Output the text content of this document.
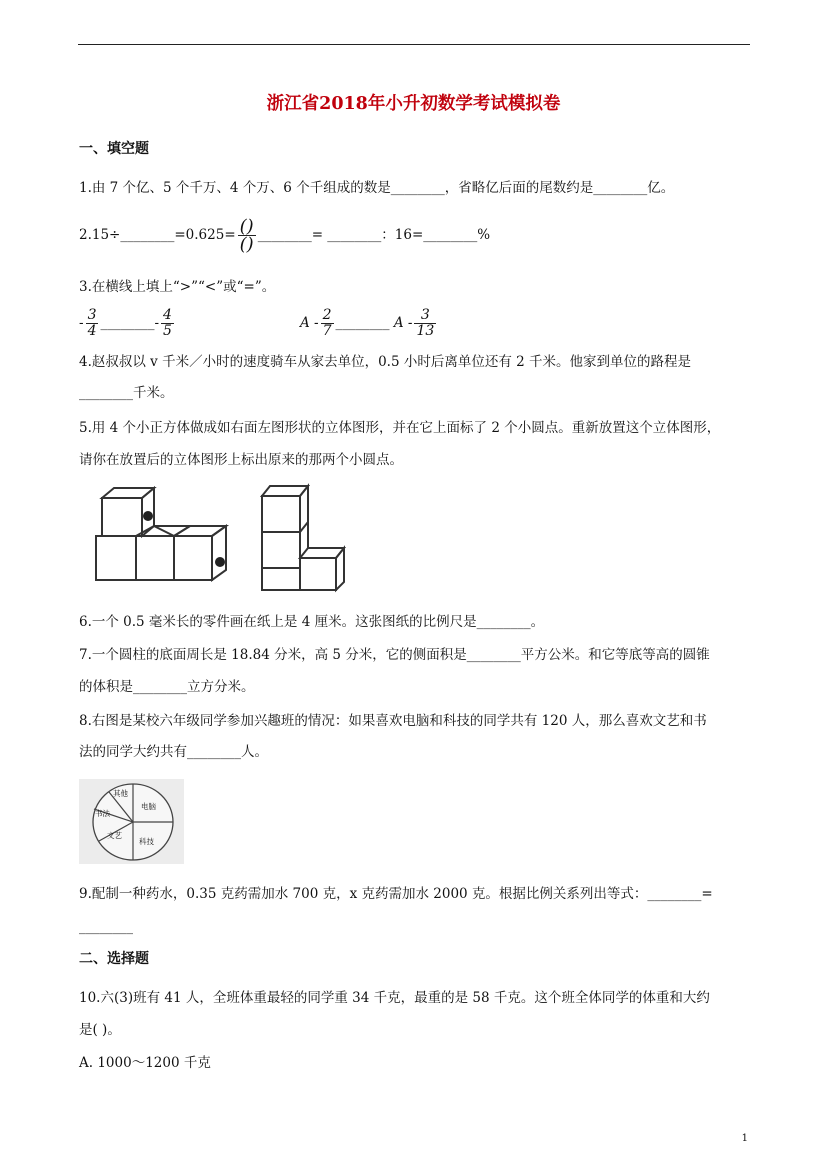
浙江省2018年小升初数学考试模拟卷
一、填空题
1.由 7 个亿、5 个千万、4 个万、6 个千组成的数是________，省略亿后面的尾数约是________亿。
2.15÷________=0.625= $\frac{()}{()}$ ________= ________：16=________%
3.在横线上填上“>”“<”或“=”。
- $\frac{3}{4}$ ________- $\frac{4}{5}$	A - $\frac{2}{7}$ ________ A - $\frac{3}{13}$
4.赵叔叔以 v 千米／小时的速度骑车从家去单位，0.5 小时后离单位还有 2 千米。他家到单位的路程是
________千米。
5.用 4 个小正方体做成如右面左图形状的立体图形，并在它上面标了 2 个小圆点。重新放置这个立体图形，
请你在放置后的立体图形上标出原来的那两个小圆点。
6.一个 0.5 毫米长的零件画在纸上是 4 厘米。这张图纸的比例尺是________。
7.一个圆柱的底面周长是 18.84 分米，高 5 分米，它的侧面积是________平方公米。和它等底等高的圆锥
的体积是________立方分米。
8.右图是某校六年级同学参加兴趣班的情况：如果喜欢电脑和科技的同学共有 120 人，那么喜欢文艺和书
法的同学大约共有________人。
其他
电脑
书法
文艺
科技
9.配制一种药水，0.35 克药需加水 700 克，x 克药需加水 2000 克。根据比例关系列出等式：________=
________
二、选择题
10.六(3)班有 41 人，全班体重最轻的同学重 34 千克，最重的是 58 千克。这个班全体同学的体重和大约
是( )。
A. 1000～1200 千克
1
